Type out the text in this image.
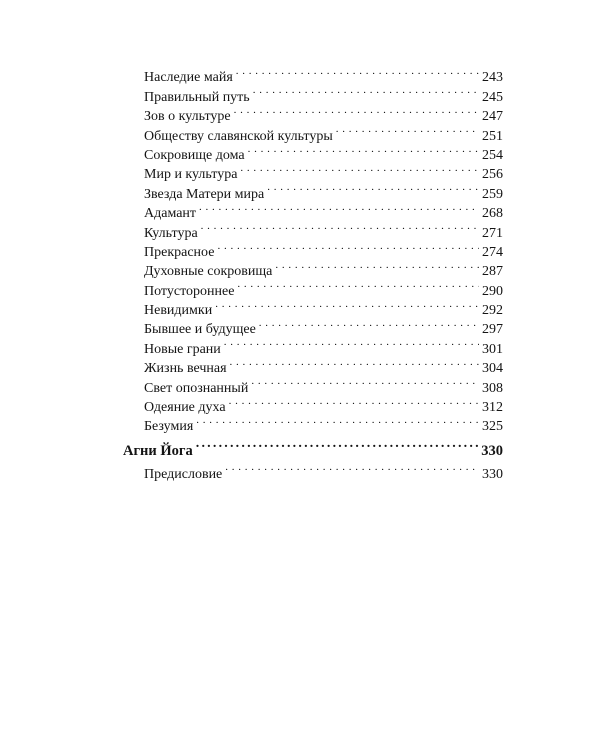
Наследие майя . . .	243
Правильный путь . . .	245
Зов о культуре . . .	247
Обществу славянской культуры . . .	251
Сокровище дома . . .	254
Мир и культура . . .	256
Звезда Матери мира . . .	259
Адамант . . .	268
Культура . . .	271
Прекрасное . . .	274
Духовные сокровища . . .	287
Потустороннее . . .	290
Невидимки . . .	292
Бывшее и будущее . . .	297
Новые грани . . .	301
Жизнь вечная . . .	304
Свет опознанный . . .	308
Одеяние духа . . .	312
Безумия . . .	325
Агни Йога .....	330
Предисловие . . .	330
